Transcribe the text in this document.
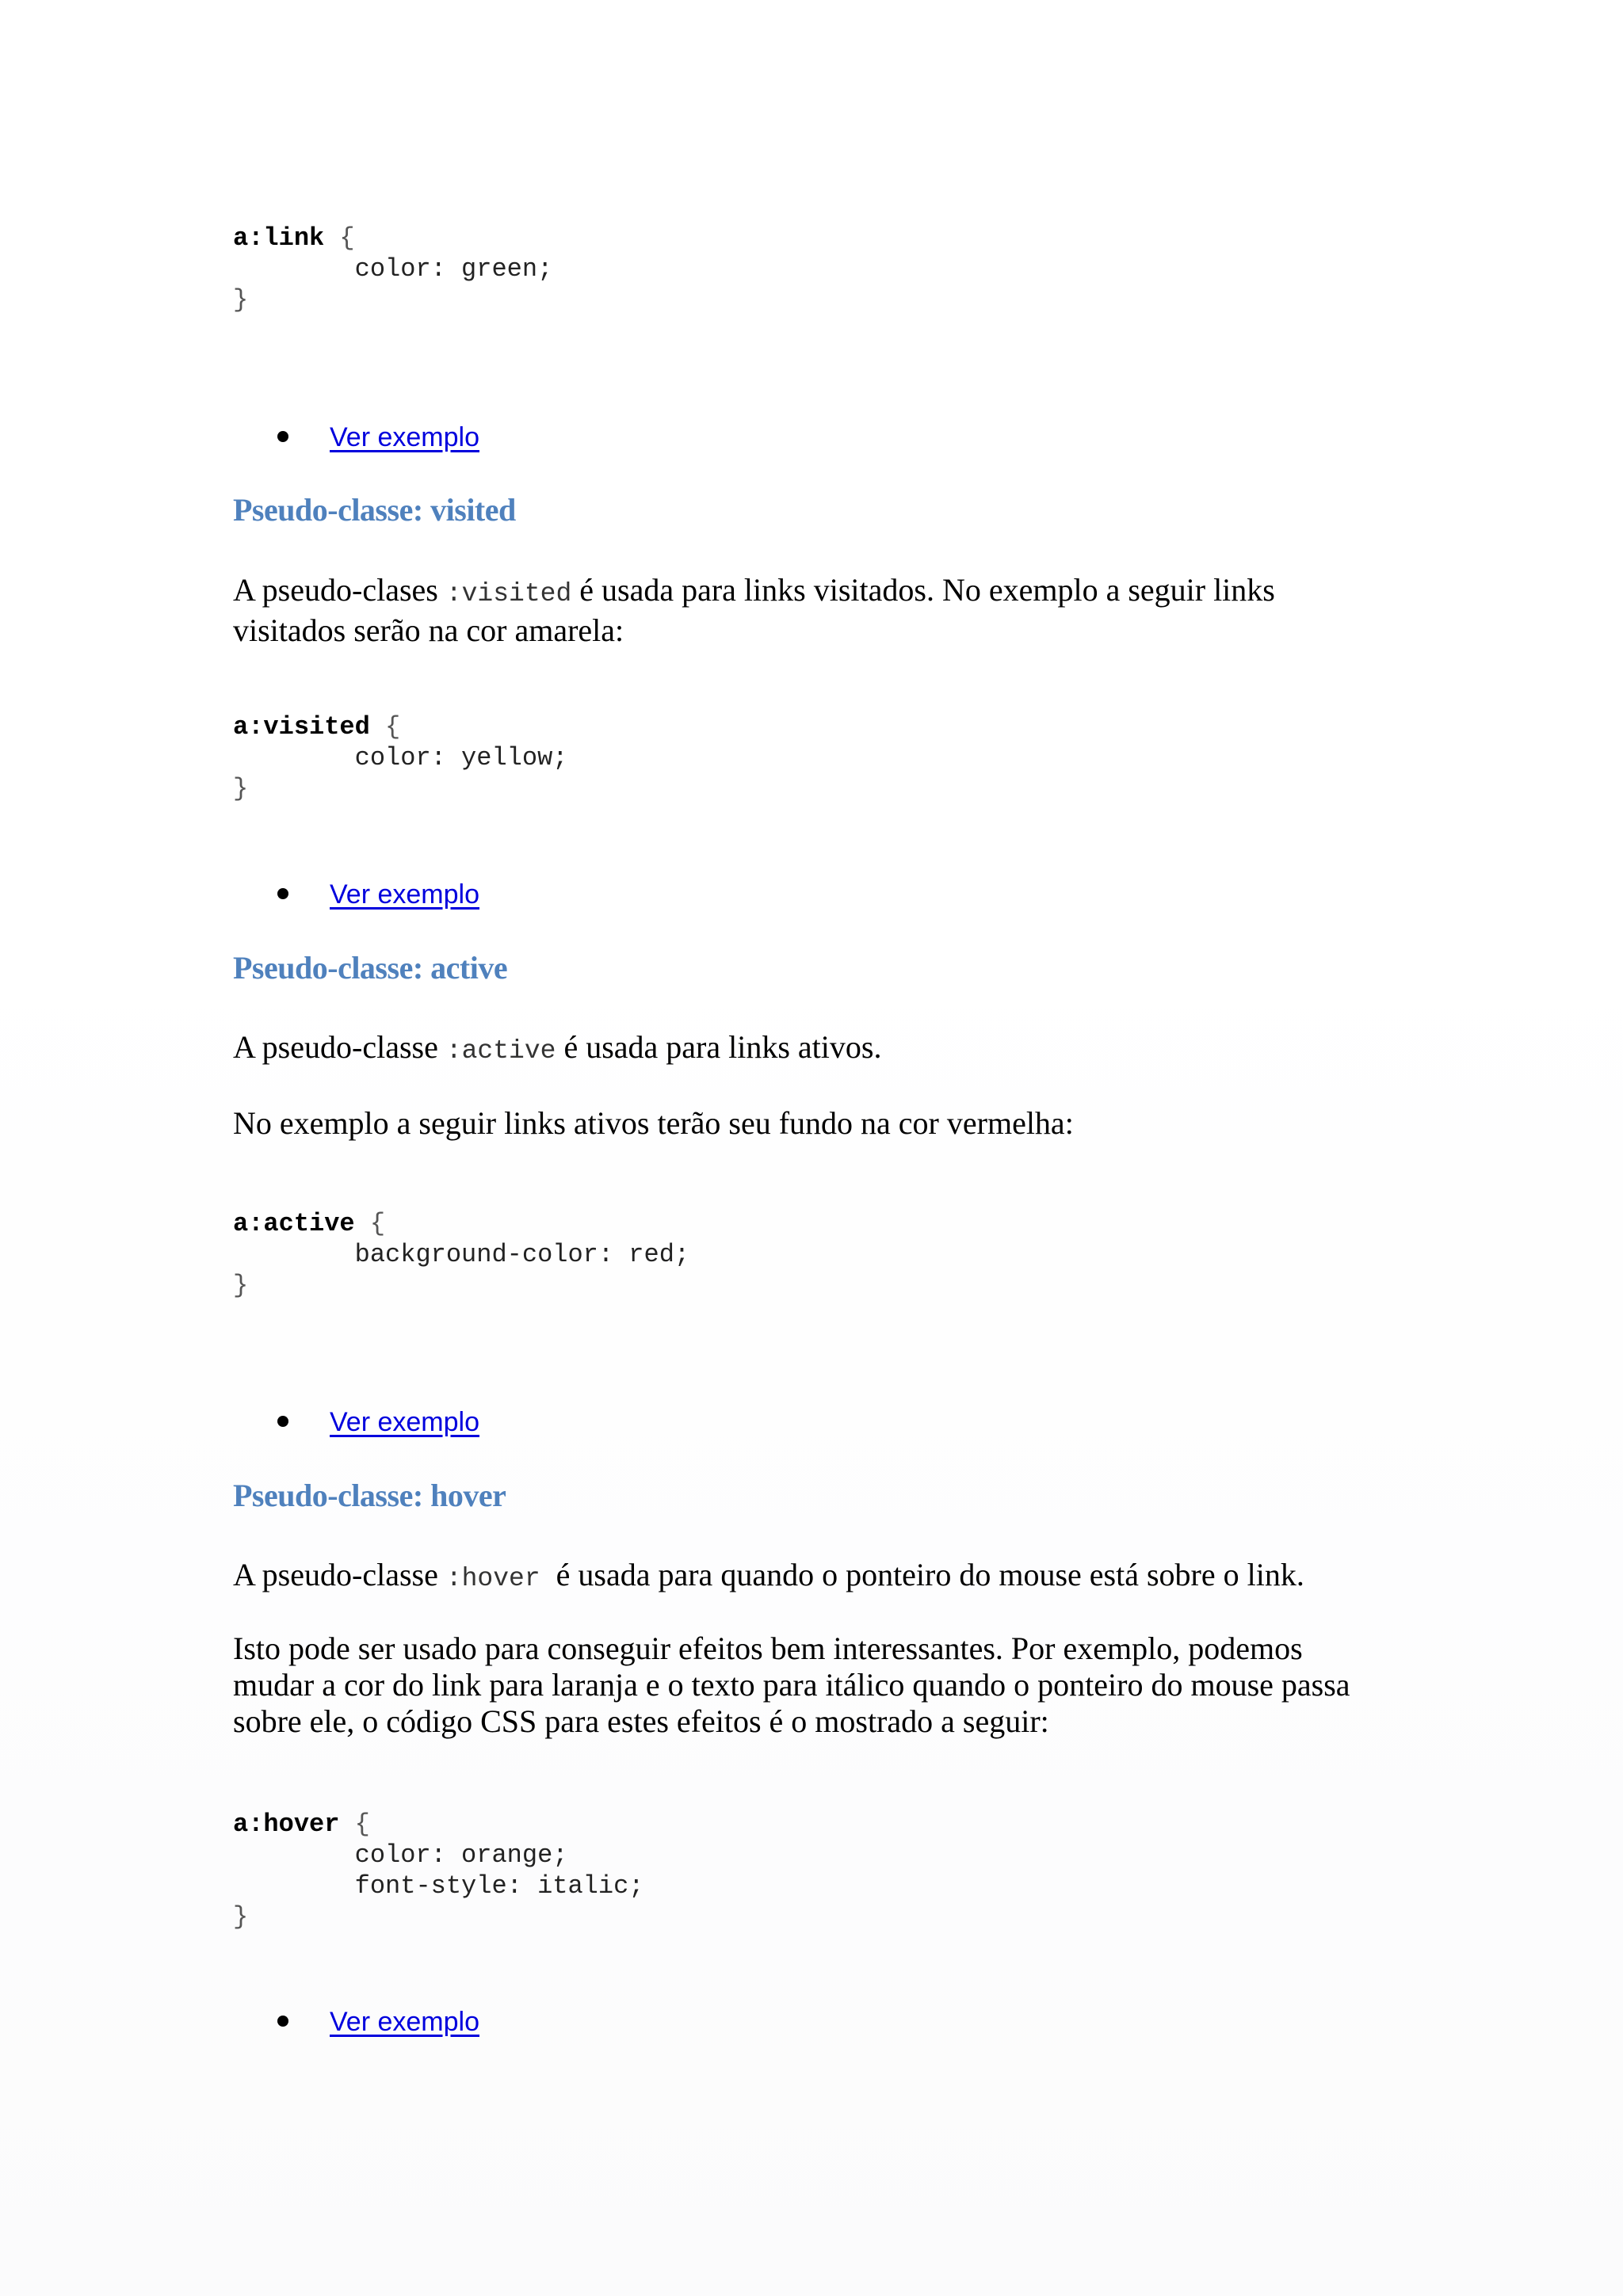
a:link {
color: green;
}
Ver exemplo
Pseudo-classe: visited

A pseudo-clases :visited é usada para links visitados. No exemplo a seguir links
visitados serão na cor amarela:

a:visited {
color: yellow;
}
Ver exemplo
Pseudo-classe: active

A pseudo-classe :active é usada para links ativos.

No exemplo a seguir links ativos terão seu fundo na cor vermelha:

a:active {
background-color: red;
}
Ver exemplo
Pseudo-classe: hover

A pseudo-classe :hover  é usada para quando o ponteiro do mouse está sobre o link.

Isto pode ser usado para conseguir efeitos bem interessantes. Por exemplo, podemos
mudar a cor do link para laranja e o texto para itálico quando o ponteiro do mouse passa
sobre ele, o código CSS para estes efeitos é o mostrado a seguir:

a:hover {
color: orange;
font-style: italic;
}
Ver exemplo
